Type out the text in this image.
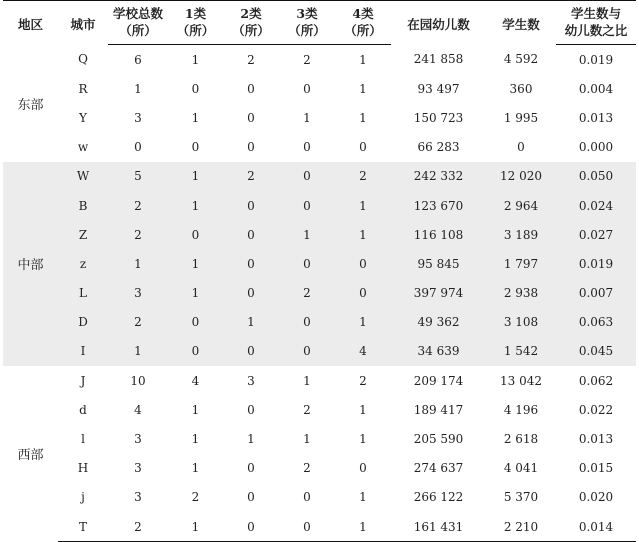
地区	城市	学校总数	1类	2类	3类	4类	在园幼儿数	学生数	学生数与
		（所）	（所）	（所）	（所）	（所）			幼儿数之比
东部	Q	6	1	2	2	1	241 858	4 592	0.019
	R	1	0	0	0	1	93 497	360	0.004
	Y	3	1	0	1	1	150 723	1 995	0.013
	w	0	0	0	0	0	66 283	0	0.000
中部	W	5	1	2	0	2	242 332	12 020	0.050
	B	2	1	0	0	1	123 670	2 964	0.024
	Z	2	0	0	1	1	116 108	3 189	0.027
	z	1	1	0	0	0	95 845	1 797	0.019
	L	3	1	0	2	0	397 974	2 938	0.007
	D	2	0	1	0	1	49 362	3 108	0.063
	I	1	0	0	0	4	34 639	1 542	0.045
西部	J	10	4	3	1	2	209 174	13 042	0.062
	d	4	1	0	2	1	189 417	4 196	0.022
	l	3	1	1	1	1	205 590	2 618	0.013
	H	3	1	0	2	0	274 637	4 041	0.015
	j	3	2	0	0	1	266 122	5 370	0.020
	T	2	1	0	0	1	161 431	2 210	0.014
